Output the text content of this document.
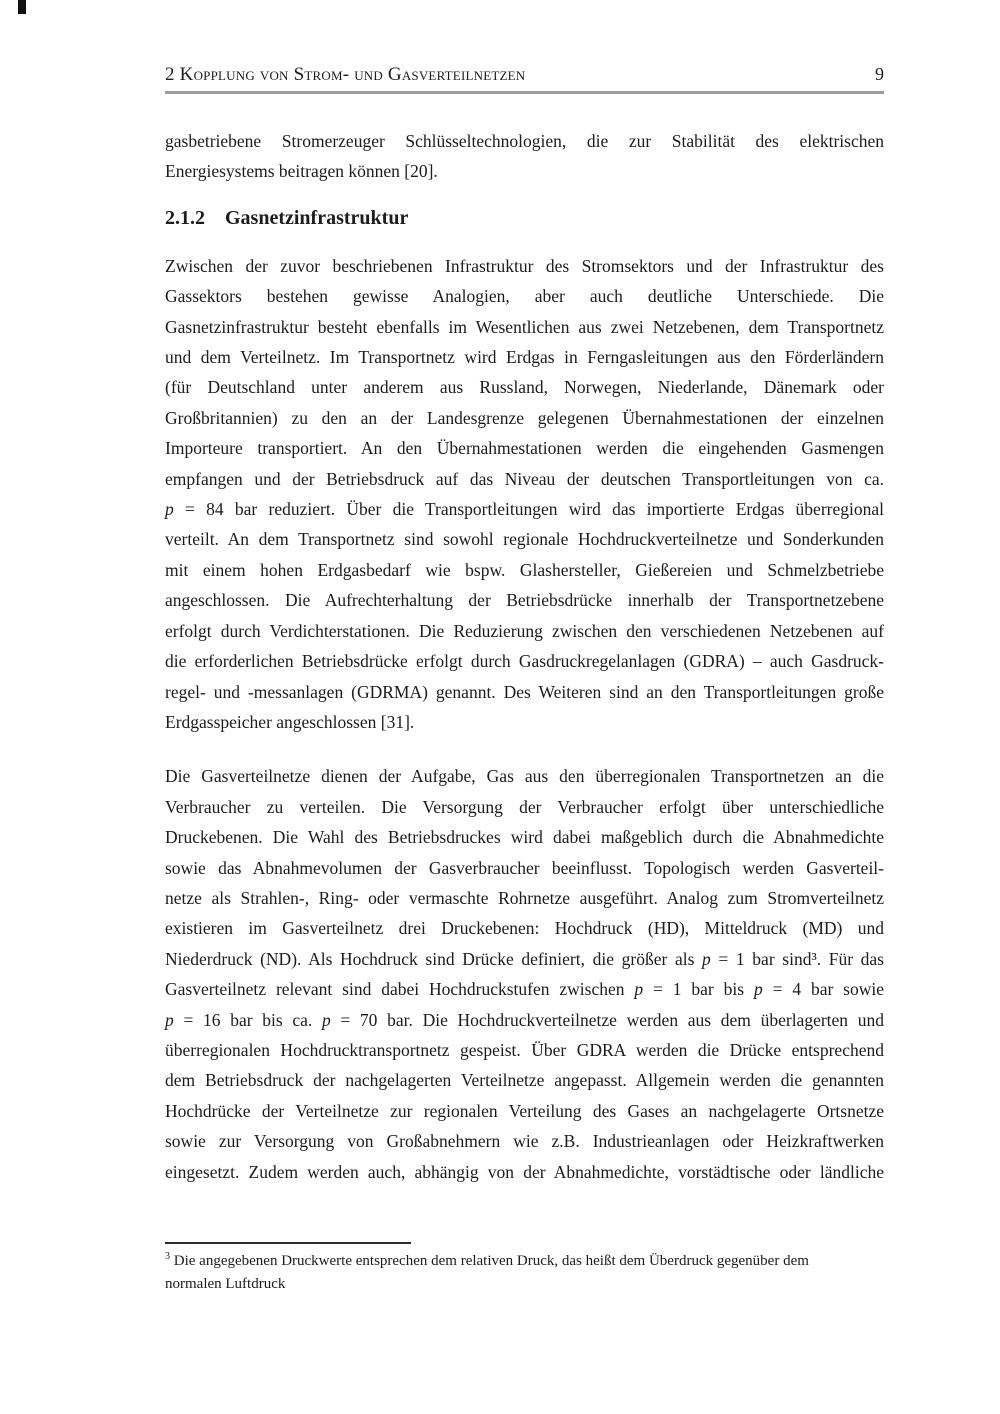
2 Kopplung von Strom- und Gasverteilnetzen	9
gasbetriebene Stromerzeuger Schlüsseltechnologien, die zur Stabilität des elektrischen
Energiesystems beitragen können [20].
2.1.2 Gasnetzinfrastruktur
Zwischen der zuvor beschriebenen Infrastruktur des Stromsektors und der Infrastruktur des
Gassektors bestehen gewisse Analogien, aber auch deutliche Unterschiede. Die
Gasnetzinfrastruktur besteht ebenfalls im Wesentlichen aus zwei Netzebenen, dem Transportnetz
und dem Verteilnetz. Im Transportnetz wird Erdgas in Ferngasleitungen aus den Förderländern
(für Deutschland unter anderem aus Russland, Norwegen, Niederlande, Dänemark oder
Großbritannien) zu den an der Landesgrenze gelegenen Übernahmestationen der einzelnen
Importeure transportiert. An den Übernahmestationen werden die eingehenden Gasmengen
empfangen und der Betriebsdruck auf das Niveau der deutschen Transportleitungen von ca.
p = 84 bar reduziert. Über die Transportleitungen wird das importierte Erdgas überregional
verteilt. An dem Transportnetz sind sowohl regionale Hochdruckverteilnetze und Sonderkunden
mit einem hohen Erdgasbedarf wie bspw. Glashersteller, Gießereien und Schmelzbetriebe
angeschlossen. Die Aufrechterhaltung der Betriebsdrücke innerhalb der Transportnetzebene
erfolgt durch Verdichterstationen. Die Reduzierung zwischen den verschiedenen Netzebenen auf
die erforderlichen Betriebsdrücke erfolgt durch Gasdruckregelanlagen (GDRA) – auch Gasdruck-
regel- und -messanlagen (GDRMA) genannt. Des Weiteren sind an den Transportleitungen große
Erdgasspeicher angeschlossen [31].
Die Gasverteilnetze dienen der Aufgabe, Gas aus den überregionalen Transportnetzen an die
Verbraucher zu verteilen. Die Versorgung der Verbraucher erfolgt über unterschiedliche
Druckebenen. Die Wahl des Betriebsdruckes wird dabei maßgeblich durch die Abnahmedichte
sowie das Abnahmevolumen der Gasverbraucher beeinflusst. Topologisch werden Gasverteil-
netze als Strahlen-, Ring- oder vermaschte Rohrnetze ausgeführt. Analog zum Stromverteilnetz
existieren im Gasverteilnetz drei Druckebenen: Hochdruck (HD), Mitteldruck (MD) und
Niederdruck (ND). Als Hochdruck sind Drücke definiert, die größer als p = 1 bar sind³. Für das
Gasverteilnetz relevant sind dabei Hochdruckstufen zwischen p = 1 bar bis p = 4 bar sowie
p = 16 bar bis ca. p = 70 bar. Die Hochdruckverteilnetze werden aus dem überlagerten und
überregionalen Hochdrucktransportnetz gespeist. Über GDRA werden die Drücke entsprechend
dem Betriebsdruck der nachgelagerten Verteilnetze angepasst. Allgemein werden die genannten
Hochdrücke der Verteilnetze zur regionalen Verteilung des Gases an nachgelagerte Ortsnetze
sowie zur Versorgung von Großabnehmern wie z.B. Industrieanlagen oder Heizkraftwerken
eingesetzt. Zudem werden auch, abhängig von der Abnahmedichte, vorstädtische oder ländliche
$^3$ Die angegebenen Druckwerte entsprechen dem relativen Druck, das heißt dem Überdruck gegenüber dem
normalen Luftdruck
